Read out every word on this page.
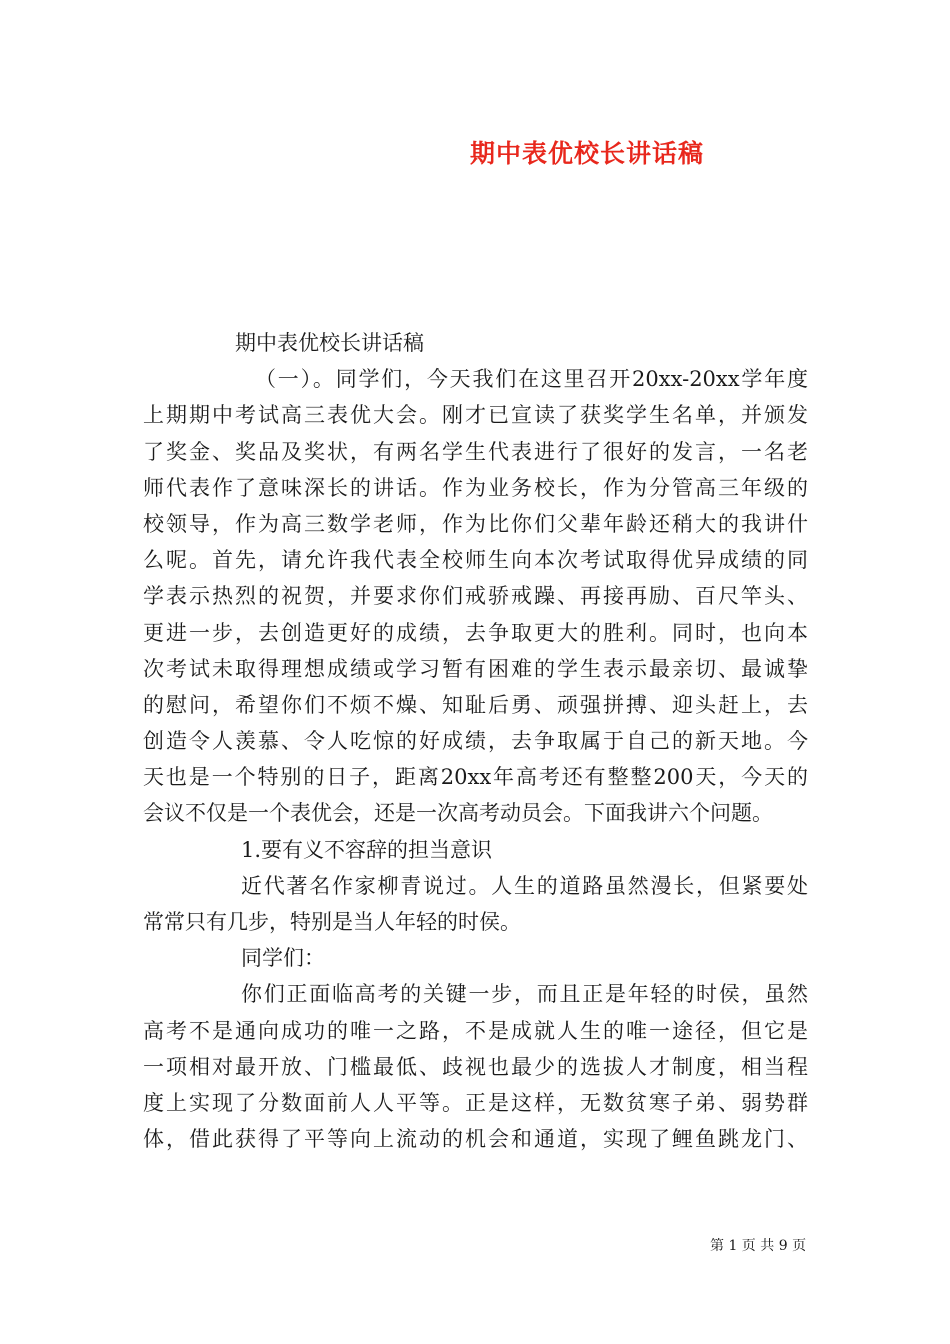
期中表优校长讲话稿
期中表优校长讲话稿
（一）。同学们，今天我们在这里召开20xx-20xx学年度
上期期中考试高三表优大会。刚才已宣读了获奖学生名单，并颁发
了奖金、奖品及奖状，有两名学生代表进行了很好的发言，一名老
师代表作了意味深长的讲话。作为业务校长，作为分管高三年级的
校领导，作为高三数学老师，作为比你们父辈年龄还稍大的我讲什
么呢。首先，请允许我代表全校师生向本次考试取得优异成绩的同
学表示热烈的祝贺，并要求你们戒骄戒躁、再接再励、百尺竿头、
更进一步，去创造更好的成绩，去争取更大的胜利。同时，也向本
次考试未取得理想成绩或学习暂有困难的学生表示最亲切、最诚挚
的慰问，希望你们不烦不燥、知耻后勇、顽强拼搏、迎头赶上，去
创造令人羡慕、令人吃惊的好成绩，去争取属于自己的新天地。今
天也是一个特别的日子，距离20xx年高考还有整整200天，今天的
会议不仅是一个表优会，还是一次高考动员会。下面我讲六个问题。
1.要有义不容辞的担当意识
近代著名作家柳青说过。人生的道路虽然漫长，但紧要处
常常只有几步，特别是当人年轻的时侯。
同学们：
你们正面临高考的关键一步，而且正是年轻的时侯，虽然
高考不是通向成功的唯一之路，不是成就人生的唯一途径，但它是
一项相对最开放、门槛最低、歧视也最少的选拔人才制度，相当程
度上实现了分数面前人人平等。正是这样，无数贫寒子弟、弱势群
体，借此获得了平等向上流动的机会和通道，实现了鲤鱼跳龙门、
第 1 页 共 9 页
